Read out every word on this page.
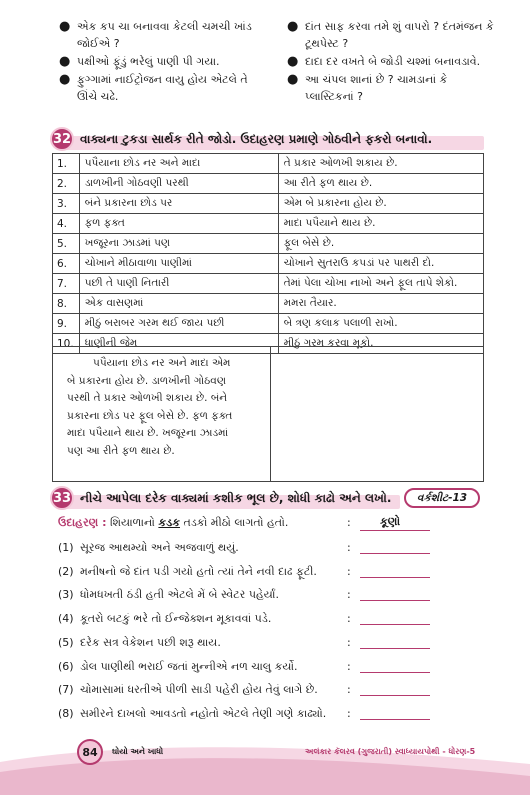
● એક કપ ચા બનાવવા કેટલી ચમચી ખાંડ જોઈએ ?
● પક્ષીઓ ફૂંડું ભરેલું પાણી પી ગયા.
● ફુગ્ગામાં નાઈટ્રોજન વાયુ હોય એટલે તે ઊંચે ચઢે.
● દાંત સાફ કરવા તમે શું વાપરો ? દંતમંજન કે ટૂથપેસ્ટ ?
● દાદા દર વખતે બે જોડી ચશ્માં બનાવડાવે.
● આ ચંપલ શાનાં છે ? ચામડાનાં કે પ્લાસ્ટિકનાં ?
32 વાક્યના ટુકડા સાર્થક રીતે જોડો. ઉદાહરણ પ્રમાણે ગોઠવીને ફકરો બનાવો.
1.	પપૈયાના છોડ નર અને માદા	તે પ્રકાર ઓળખી શકાય છે.
2.	ડાળખીની ગોઠવણી પરથી	આ રીતે ફળ થાય છે.
3.	બંને પ્રકારના છોડ પર	એમ બે પ્રકારના હોય છે.
4.	ફળ ફક્ત	માદા પપૈયાને થાય છે.
5.	ખજૂરના ઝાડમાં પણ	ફૂલ બેસે છે.
6.	ચોખાને મીઠાવાળા પાણીમાં	ચોખાને સુતરાઉ કપડાં પર પાથરી દો.
7.	પછી તે પાણી નિતારી	તેમાં પેલા ચોખા નાખો અને ફૂલ તાપે શેકો.
8.	એક વાસણમાં	મમરા તૈયાર.
9.	મીઠું બરાબર ગરમ થઈ જાય પછી	બે ત્રણ કલાક પલાળી રાખો.
10.	ધાણીની જેમ	મીઠું ગરમ કરવા મૂકો.
પપૈયાના છોડ નર અને માદા એમ
બે પ્રકારના હોય છે. ડાળખીની ગોઠવણ
પરથી તે પ્રકાર ઓળખી શકાય છે. બંને
પ્રકારના છોડ પર ફૂલ બેસે છે. ફળ ફક્ત
માદા પપૈયાને થાય છે. ખજૂરના ઝાડમાં
પણ આ રીતે ફળ થાય છે.
33 નીચે આપેલા દરેક વાક્યમાં કશીક ભૂલ છે, શોધી કાઢો અને લખો.	વર્કશીટ-13
ઉદાહરણ : શિયાળાનો કડક તડકો મીઠો લાગતો હતો.	:	કૂણો
(1) સૂરજ આથમ્યો અને અજવાળું થયું.	:
(2) મનીષનો જે દાંત પડી ગયો હતો ત્યાં તેને નવી દાઢ ફૂટી.	:
(3) ધોમધખતી ઠંડી હતી એટલે મેં બે સ્વેટર પહેર્યાં.	:
(4) કૂતરો બટકું ભરે તો ઈન્જેક્શન મૂકાવવાં પડે.	:
(5) દરેક સત્ર વેકેશન પછી શરૂ થાય.	:
(6) ડોલ પાણીથી ભરાઈ જતાં મુન્નીએ નળ ચાલુ કર્યો.	:
(7) ચોમાસામાં ધરતીએ પીળી સાડી પહેરી હોય તેવું લાગે છે.	:
(8) સમીરને દાખલો આવડતો નહોતો એટલે તેણી ગણે કાઢ્યો. :
84	ઘોયો અને ખાધો	અલંકાર કૅલરવ (ગુજરાતી) સ્વાધ્યાયપોથી - ધોરણ-5
